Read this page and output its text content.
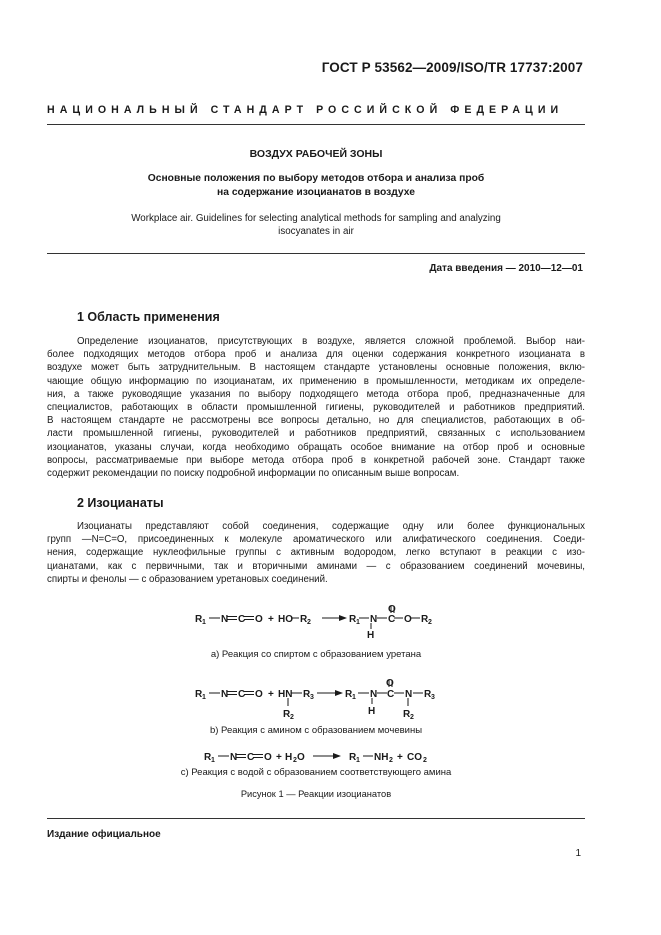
ГОСТ Р 53562—2009/ISO/TR 17737:2007
НАЦИОНАЛЬНЫЙ СТАНДАРТ РОССИЙСКОЙ ФЕДЕРАЦИИ
ВОЗДУХ РАБОЧЕЙ ЗОНЫ
Основные положения по выбору методов отбора и анализа проб
на содержание изоцианатов в воздухе
Workplace air. Guidelines for selecting analytical methods for sampling and analyzing
isocyanates in air
Дата введения — 2010—12—01
1 Область применения
Определение изоцианатов, присутствующих в воздухе, является сложной проблемой. Выбор наи-
более подходящих методов отбора проб и анализа для оценки содержания конкретного изоцианата в
воздухе может быть затруднительным. В настоящем стандарте установлены основные положения, вклю-
чающие общую информацию по изоцианатам, их применению в промышленности, методикам их определе-
ния, а также руководящие указания по выбору подходящего метода отбора проб, предназначенные для
специалистов, работающих в области промышленной гигиены, руководителей и работников предприятий.
В настоящем стандарте не рассмотрены все вопросы детально, но для специалистов, работающих в об-
ласти промышленной гигиены, руководителей и работников предприятий, связанных с использованием
изоцианатов, указаны случаи, когда необходимо обращать особое внимание на отбор проб и основные
вопросы, рассматриваемые при выборе метода отбора проб в конкретной рабочей зоне. Стандарт также
содержит рекомендации по поиску подробной информации по описанным выше вопросам.
2 Изоцианаты
Изоцианаты представляют собой соединения, содержащие одну или более функциональных
групп —N=C=O, присоединенных к молекуле ароматического или алифатического соединения. Соеди-
нения, содержащие нуклеофильные группы с активным водородом, легко вступают в реакции с изо-
цианатами, как с первичными, так и вторичными аминами — с образованием соединений мочевины,
спирты и фенолы — с образованием уретановых соединений.
R 1 N C O + HO R 2	R 1 N
H
C
O
O R 2
a) Реакция со спиртом с образованием уретана
R 1 N C O + HN R 3
R 2
R 1 N
H
C
O
N R 3
R 2
b) Реакция с амином с образованием мочевины
R 1 N C O + H 2 O	R 1 NH 2 + CO 2
c) Реакция с водой с образованием соответствующего амина
Рисунок 1 — Реакции изоцианатов
Издание официальное
1
